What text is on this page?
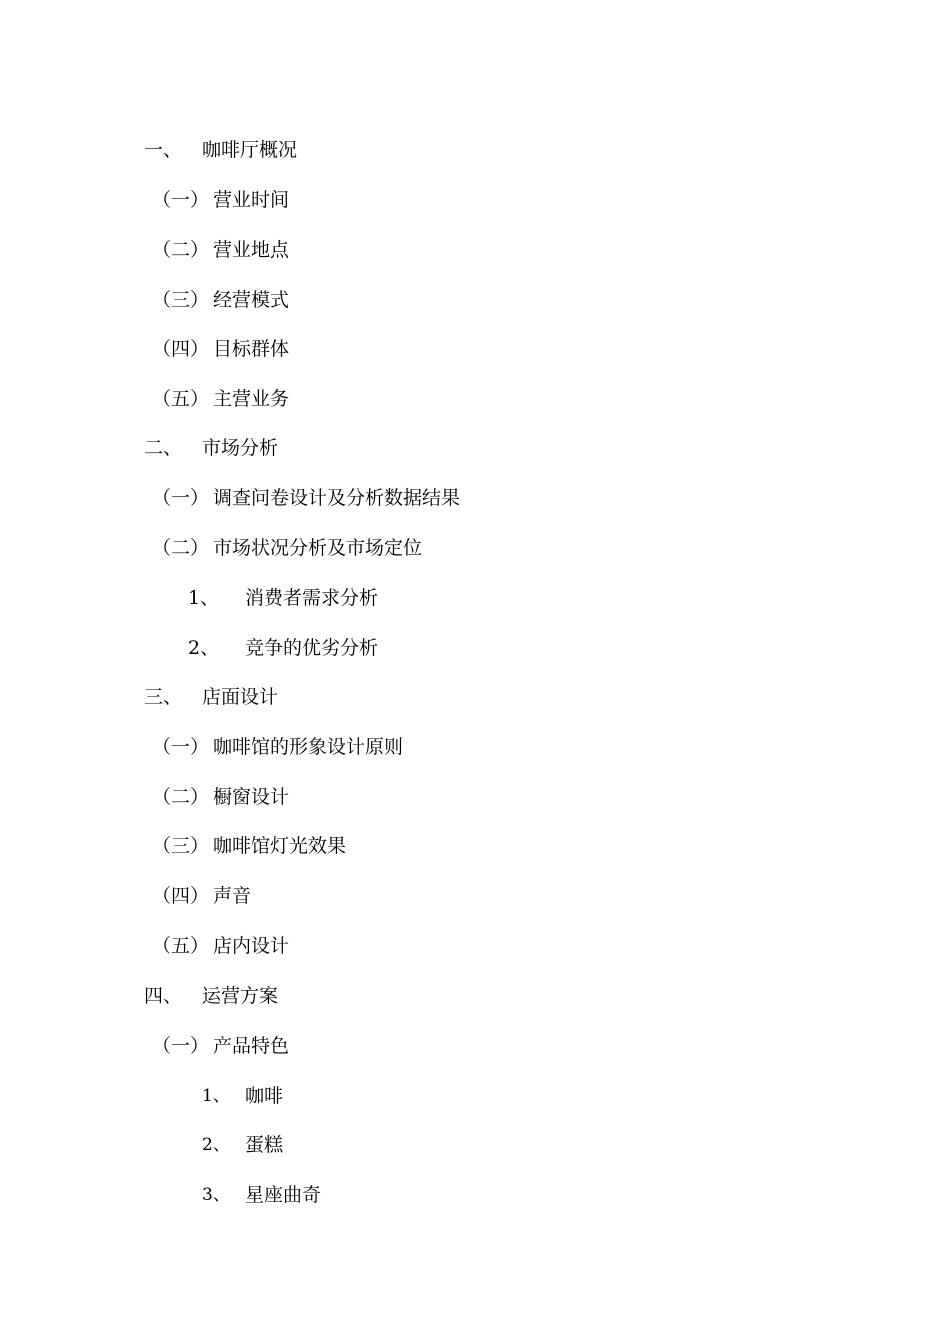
一、 咖啡厅概况
（一） 营业时间
（二） 营业地点
（三） 经营模式
（四） 目标群体
（五） 主营业务
二、 市场分析
（一） 调查问卷设计及分析数据结果
（二） 市场状况分析及市场定位
1、 消费者需求分析
2、 竞争的优劣分析
三、 店面设计
（一） 咖啡馆的形象设计原则
（二） 橱窗设计
（三） 咖啡馆灯光效果
（四） 声音
（五） 店内设计
四、 运营方案
（一） 产品特色
1、 咖啡
2、 蛋糕
3、 星座曲奇
